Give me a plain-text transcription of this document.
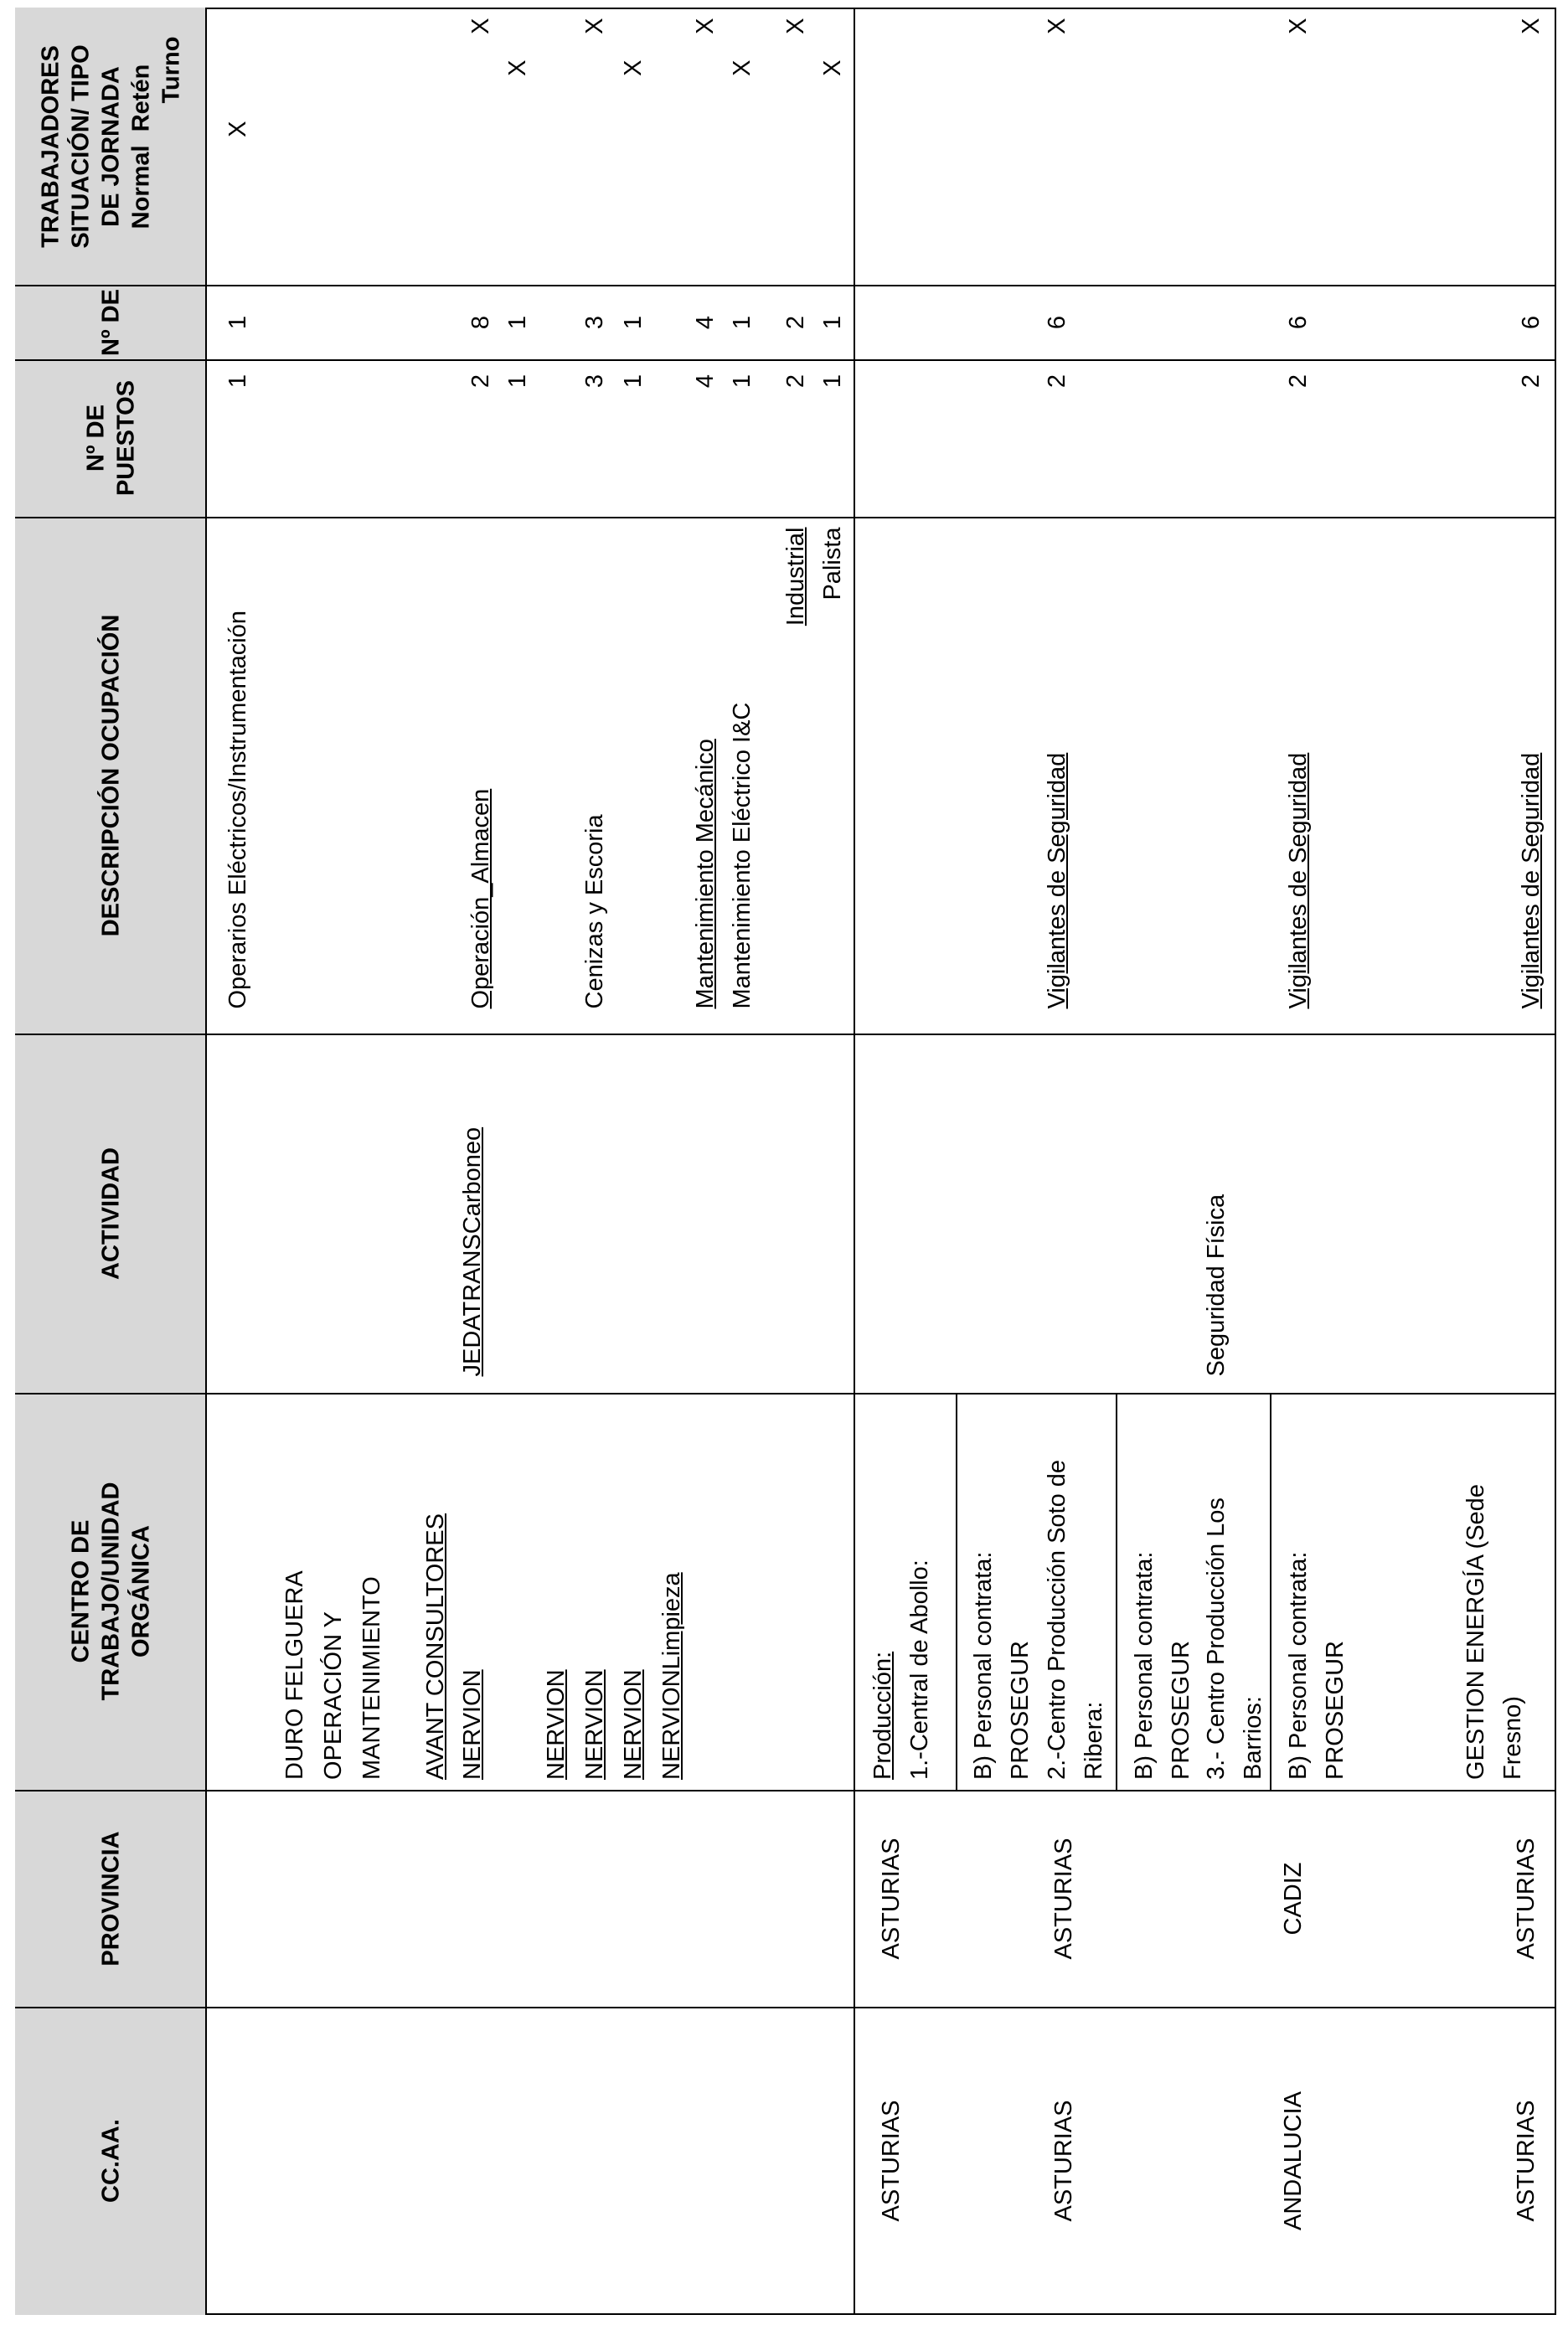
TRABAJADORES SITUACIÓN/ TIPO DE JORNADA Normal  Retén Turno
Nº DE
Nº DE PUESTOS
DESCRIPCIÓN OCUPACIÓN
ACTIVIDAD
CENTRO DE TRABAJO/UNIDAD ORGÁNICA
PROVINCIA
CC.AA.
Operarios Eléctricos/Instrumentación
1
1
X
DURO FELGUERA OPERACIÓN Y MANTENIMIENTO AVANT CONSULTORES NERVION
JEDATRANSCarboneo
Operación_Almacen
2
8
X
1
1
X
NERVION NERVION
Cenizas y Escoria
3
3
X
NERVION
1
1
X
NERVIONLimpieza
Mantenimiento Mecánico
4
4
X
Mantenimiento Eléctrico I&C
1
1
X
Industrial
2
2
X
Palista
1
1
X
Producción: 1.-Central de Abollo:
ASTURIAS
ASTURIAS
B) Personal contrata: PROSEGUR 2.-Centro Producción Soto de Ribera:
Vigilantes de Seguridad
2
6
X
ASTURIAS
ASTURIAS
B) Personal contrata: PROSEGUR 3.- Centro Producción Los Barrios:
Seguridad Física
B) Personal contrata: PROSEGUR
Vigilantes de Seguridad
2
6
X
CADIZ
ANDALUCIA
GESTION ENERGÍA (Sede Fresno)
Vigilantes de Seguridad
2
6
X
ASTURIAS
ASTURIAS
